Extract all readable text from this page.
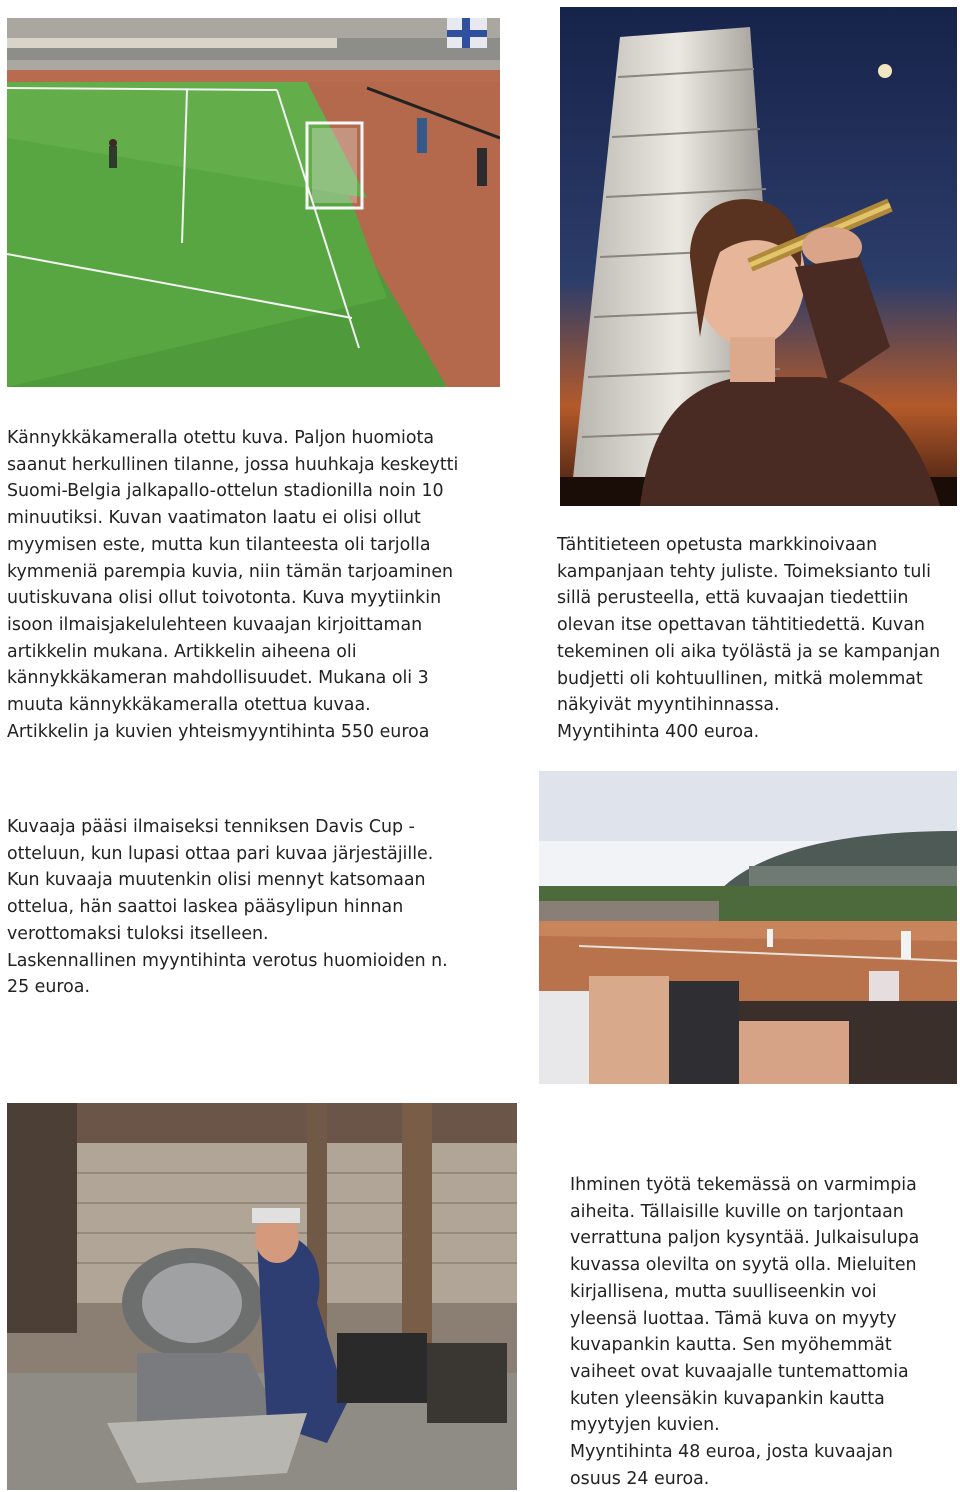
Kännykkäkameralla otettu kuva. Paljon huomiota

saanut herkullinen tilanne, jossa huuhkaja keskeytti

Suomi-Belgia jalkapallo-ottelun stadionilla noin 10

minuutiksi. Kuvan vaatimaton laatu ei olisi ollut

myymisen este, mutta kun tilanteesta oli tarjolla

kymmeniä parempia kuvia, niin tämän tarjoaminen

uutiskuvana olisi ollut toivotonta. Kuva myytiinkin

isoon ilmaisjakelulehteen kuvaajan kirjoittaman

artikkelin mukana. Artikkelin aiheena oli

kännykkäkameran mahdollisuudet. Mukana oli 3

muuta kännykkäkameralla otettua kuvaa.

Artikkelin ja kuvien yhteismyyntihinta 550 euroa

Tähtitieteen opetusta markkinoivaan

kampanjaan tehty juliste. Toimeksianto tuli

sillä perusteella, että kuvaajan tiedettiin

olevan itse opettavan tähtitiedettä. Kuvan

tekeminen oli aika työlästä ja se kampanjan

budjetti oli kohtuullinen, mitkä molemmat

näkyivät myyntihinnassa.

Myyntihinta 400 euroa.

Kuvaaja pääsi ilmaiseksi tenniksen Davis Cup -

otteluun, kun lupasi ottaa pari kuvaa järjestäjille.

Kun kuvaaja muutenkin olisi mennyt katsomaan

ottelua, hän saattoi laskea pääsylipun hinnan

verottomaksi tuloksi itselleen.

Laskennallinen myyntihinta verotus huomioiden n.

25 euroa.

Ihminen työtä tekemässä on varmimpia

aiheita. Tällaisille kuville on tarjontaan

verrattuna paljon kysyntää. Julkaisulupa

kuvassa olevilta on syytä olla. Mieluiten

kirjallisena, mutta suulliseenkin voi

yleensä luottaa. Tämä kuva on myyty

kuvapankin kautta. Sen myöhemmät

vaiheet ovat kuvaajalle tuntemattomia

kuten yleensäkin kuvapankin kautta

myytyjen kuvien.

Myyntihinta 48 euroa, josta kuvaajan

osuus 24 euroa.
